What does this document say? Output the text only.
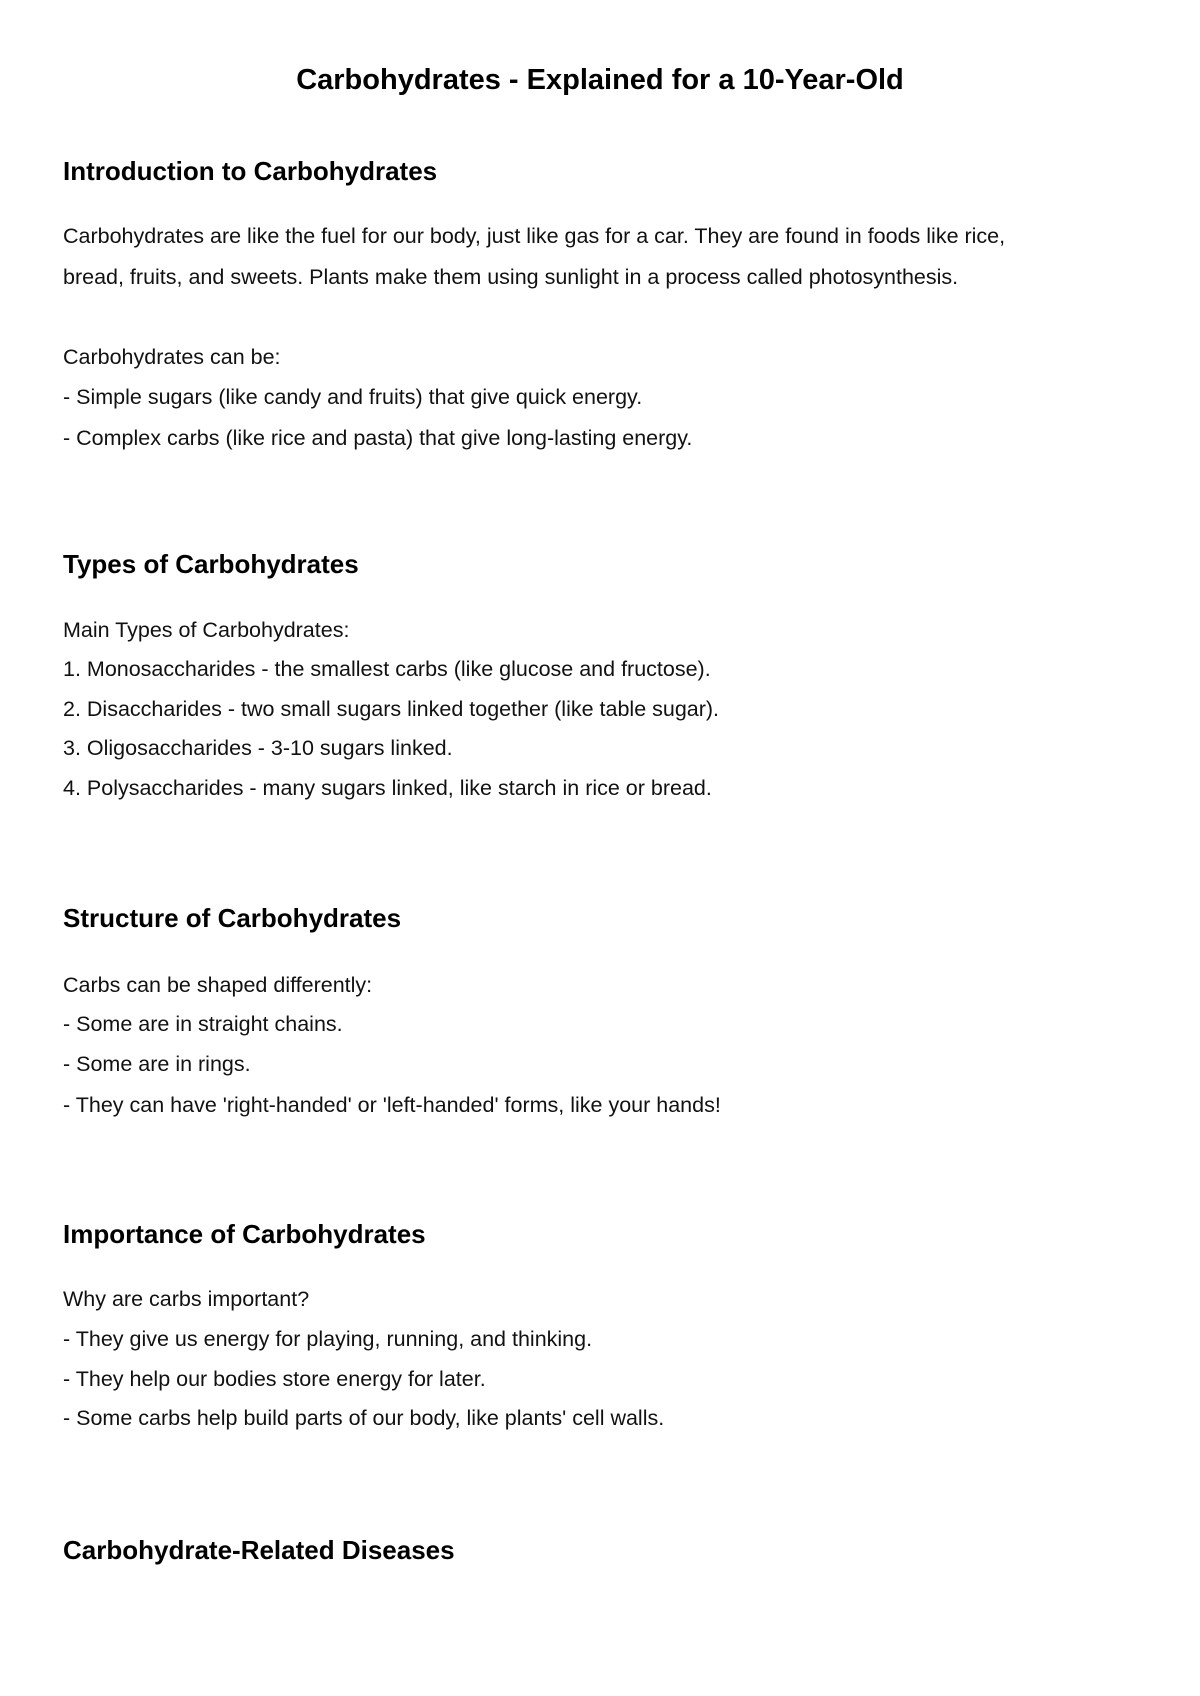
Carbohydrates - Explained for a 10-Year-Old
Introduction to Carbohydrates

Carbohydrates are like the fuel for our body, just like gas for a car. They are found in foods like rice,

bread, fruits, and sweets. Plants make them using sunlight in a process called photosynthesis.

Carbohydrates can be:

- Simple sugars (like candy and fruits) that give quick energy.

- Complex carbs (like rice and pasta) that give long-lasting energy.

Types of Carbohydrates

Main Types of Carbohydrates:

1. Monosaccharides - the smallest carbs (like glucose and fructose).

2. Disaccharides - two small sugars linked together (like table sugar).

3. Oligosaccharides - 3-10 sugars linked.

4. Polysaccharides - many sugars linked, like starch in rice or bread.

Structure of Carbohydrates

Carbs can be shaped differently:

- Some are in straight chains.

- Some are in rings.

- They can have 'right-handed' or 'left-handed' forms, like your hands!

Importance of Carbohydrates

Why are carbs important?

- They give us energy for playing, running, and thinking.

- They help our bodies store energy for later.

- Some carbs help build parts of our body, like plants' cell walls.

Carbohydrate-Related Diseases
